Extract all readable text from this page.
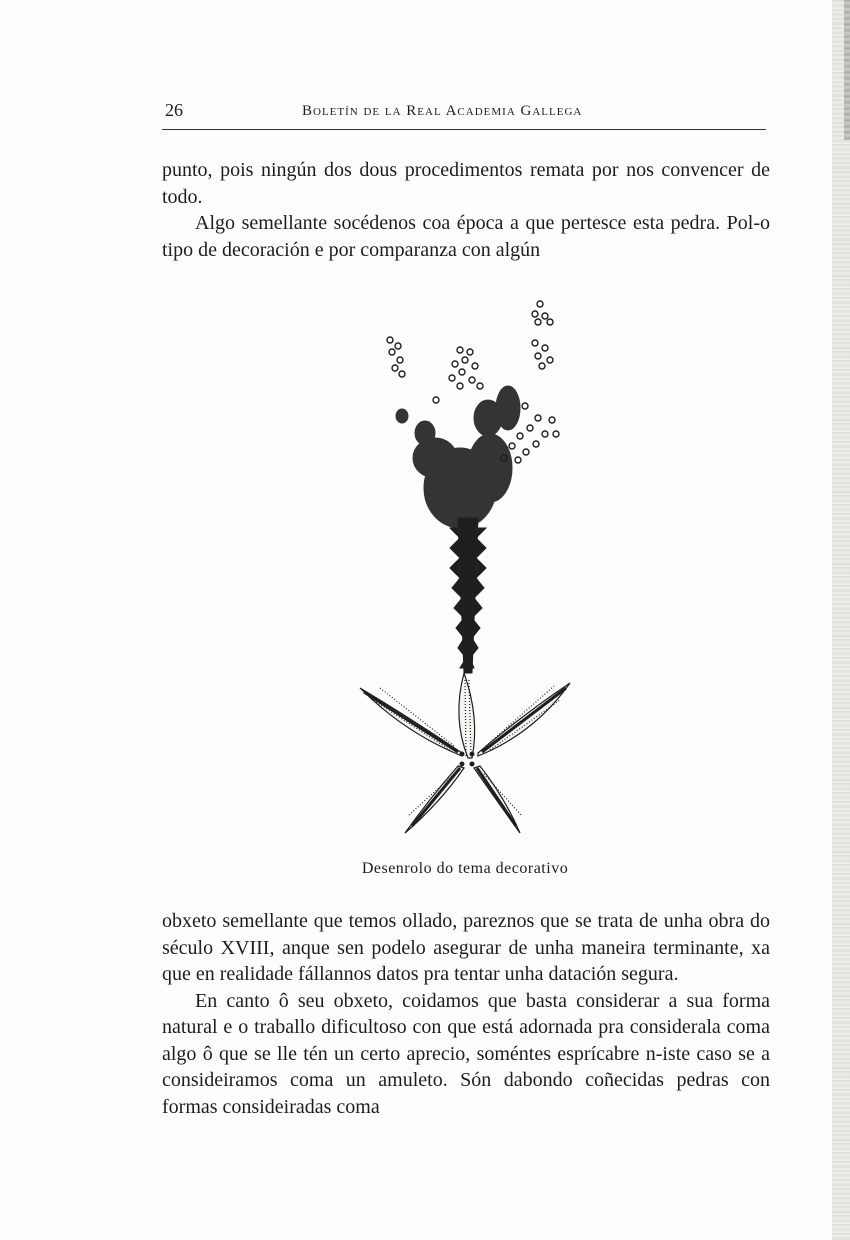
26	Boletín de la Real Academia Gallega

punto, pois ningún dos dous procedimentos remata por nos convencer de todo.

Algo semellante socédenos coa época a que pertesce esta pedra. Pol-o tipo de decoración e por comparanza con algún

Desenrolo do tema decorativo

obxeto semellante que temos ollado, pareznos que se trata de unha obra do século XVIII, anque sen podelo asegurar de unha maneira terminante, xa que en realidade fállannos datos pra tentar unha datación segura.

En canto ô seu obxeto, coidamos que basta considerar a sua forma natural e o traballo dificultoso con que está adornada pra considerala coma algo ô que se lle tén un certo aprecio, soméntes esprícabre n-iste caso se a consideiramos coma un amuleto. Són dabondo coñecidas pedras con formas consideiradas coma
